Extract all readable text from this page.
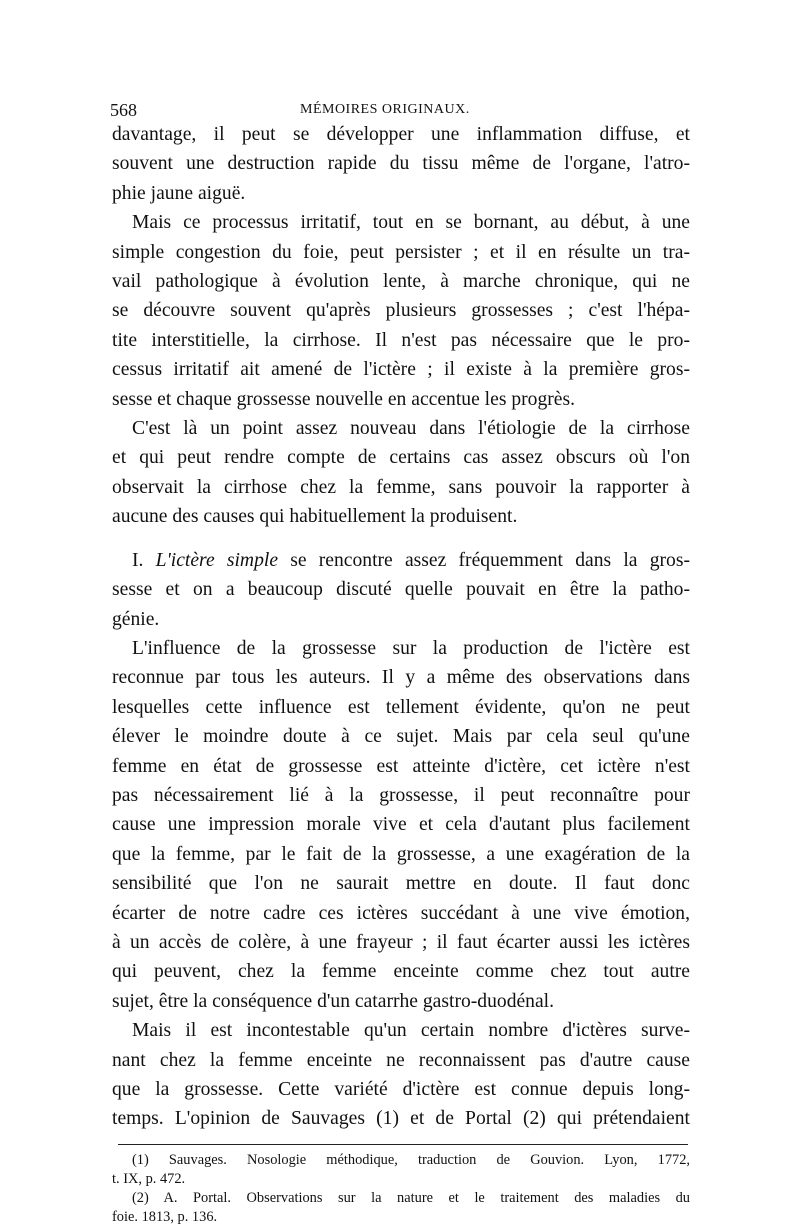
568	MÉMOIRES ORIGINAUX.

davantage, il peut se développer une inflammation diffuse, et
souvent une destruction rapide du tissu même de l'organe, l'atro-
phie jaune aiguë.

Mais ce processus irritatif, tout en se bornant, au début, à une
simple congestion du foie, peut persister ; et il en résulte un tra-
vail pathologique à évolution lente, à marche chronique, qui ne
se découvre souvent qu'après plusieurs grossesses ; c'est l'hépa-
tite interstitielle, la cirrhose. Il n'est pas nécessaire que le pro-
cessus irritatif ait amené de l'ictère ; il existe à la première gros-
sesse et chaque grossesse nouvelle en accentue les progrès.

C'est là un point assez nouveau dans l'étiologie de la cirrhose
et qui peut rendre compte de certains cas assez obscurs où l'on
observait la cirrhose chez la femme, sans pouvoir la rapporter à
aucune des causes qui habituellement la produisent.

I. L'ictère simple se rencontre assez fréquemment dans la gros-
sesse et on a beaucoup discuté quelle pouvait en être la patho-
génie.

L'influence de la grossesse sur la production de l'ictère est
reconnue par tous les auteurs. Il y a même des observations dans
lesquelles cette influence est tellement évidente, qu'on ne peut
élever le moindre doute à ce sujet. Mais par cela seul qu'une
femme en état de grossesse est atteinte d'ictère, cet ictère n'est
pas nécessairement lié à la grossesse, il peut reconnaître pour
cause une impression morale vive et cela d'autant plus facilement
que la femme, par le fait de la grossesse, a une exagération de la
sensibilité que l'on ne saurait mettre en doute. Il faut donc
écarter de notre cadre ces ictères succédant à une vive émotion,
à un accès de colère, à une frayeur ; il faut écarter aussi les ictères
qui peuvent, chez la femme enceinte comme chez tout autre
sujet, être la conséquence d'un catarrhe gastro-duodénal.

Mais il est incontestable qu'un certain nombre d'ictères surve-
nant chez la femme enceinte ne reconnaissent pas d'autre cause
que la grossesse. Cette variété d'ictère est connue depuis long-
temps. L'opinion de Sauvages (1) et de Portal (2) qui prétendaient

(1) Sauvages. Nosologie méthodique, traduction de Gouvion. Lyon, 1772,
t. IX, p. 472.

(2) A. Portal. Observations sur la nature et le traitement des maladies du
foie. 1813, p. 136.
